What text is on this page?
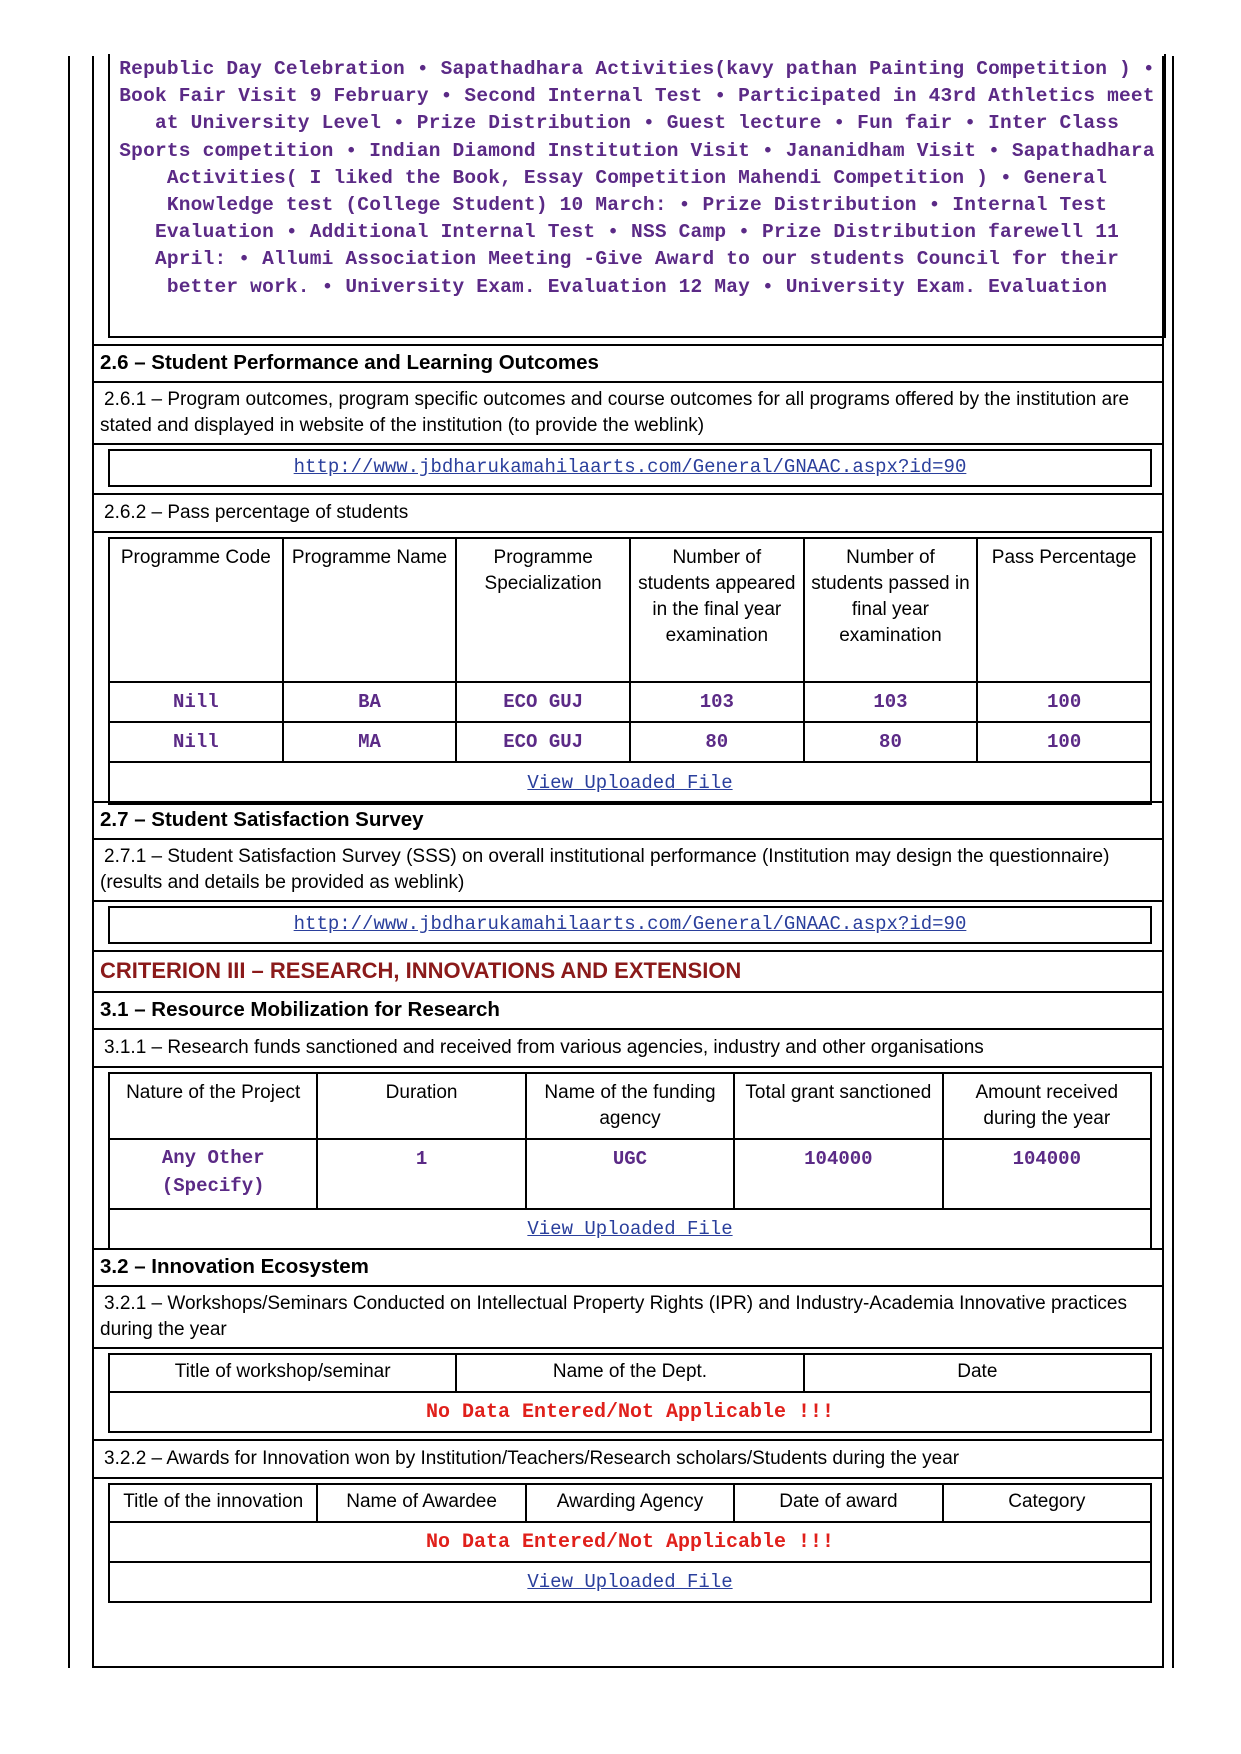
Republic Day Celebration • Sapathadhara Activities(kavy pathan Painting Competition ) • Book Fair Visit 9 February • Second Internal Test • Participated in 43rd Athletics meet at University Level • Prize Distribution • Guest lecture • Fun fair • Inter Class Sports competition • Indian Diamond Institution Visit • Jananidham Visit • Sapathadhara Activities( I liked the Book, Essay Competition Mahendi Competition ) • General Knowledge test (College Student) 10 March: • Prize Distribution • Internal Test Evaluation • Additional Internal Test • NSS Camp • Prize Distribution farewell 11 April: • Allumi Association Meeting -Give Award to our students Council for their better work. • University Exam. Evaluation 12 May • University Exam. Evaluation
2.6 – Student Performance and Learning Outcomes
2.6.1 – Program outcomes, program specific outcomes and course outcomes for all programs offered by the institution are stated and displayed in website of the institution (to provide the weblink)
http://www.jbdharukamahilaarts.com/General/GNAAC.aspx?id=90
2.6.2 – Pass percentage of students
Programme Code	Programme Name	Programme Specialization	Number of students appeared in the final year examination	Number of students passed in final year examination	Pass Percentage
Nill	BA	ECO GUJ	103	103	100
Nill	MA	ECO GUJ	80	80	100

View Uploaded File					
2.7 – Student Satisfaction Survey
2.7.1 – Student Satisfaction Survey (SSS) on overall institutional performance (Institution may design the questionnaire) (results and details be provided as weblink)
http://www.jbdharukamahilaarts.com/General/GNAAC.aspx?id=90
CRITERION III – RESEARCH, INNOVATIONS AND EXTENSION
3.1 – Resource Mobilization for Research
3.1.1 – Research funds sanctioned and received from various agencies, industry and other organisations
Nature of the Project	Duration	Name of the funding agency	Total grant sanctioned	Amount received during the year
Any Other (Specify)	1	UGC	104000	104000

View Uploaded File				
3.2 – Innovation Ecosystem
3.2.1 – Workshops/Seminars Conducted on Intellectual Property Rights (IPR) and Industry-Academia Innovative practices during the year
Title of workshop/seminar	Name of the Dept.	Date

No Data Entered/Not Applicable !!!
3.2.2 – Awards for Innovation won by Institution/Teachers/Research scholars/Students during the year
Title of the innovation	Name of Awardee	Awarding Agency	Date of award	Category

No Data Entered/Not Applicable !!!

View Uploaded File
